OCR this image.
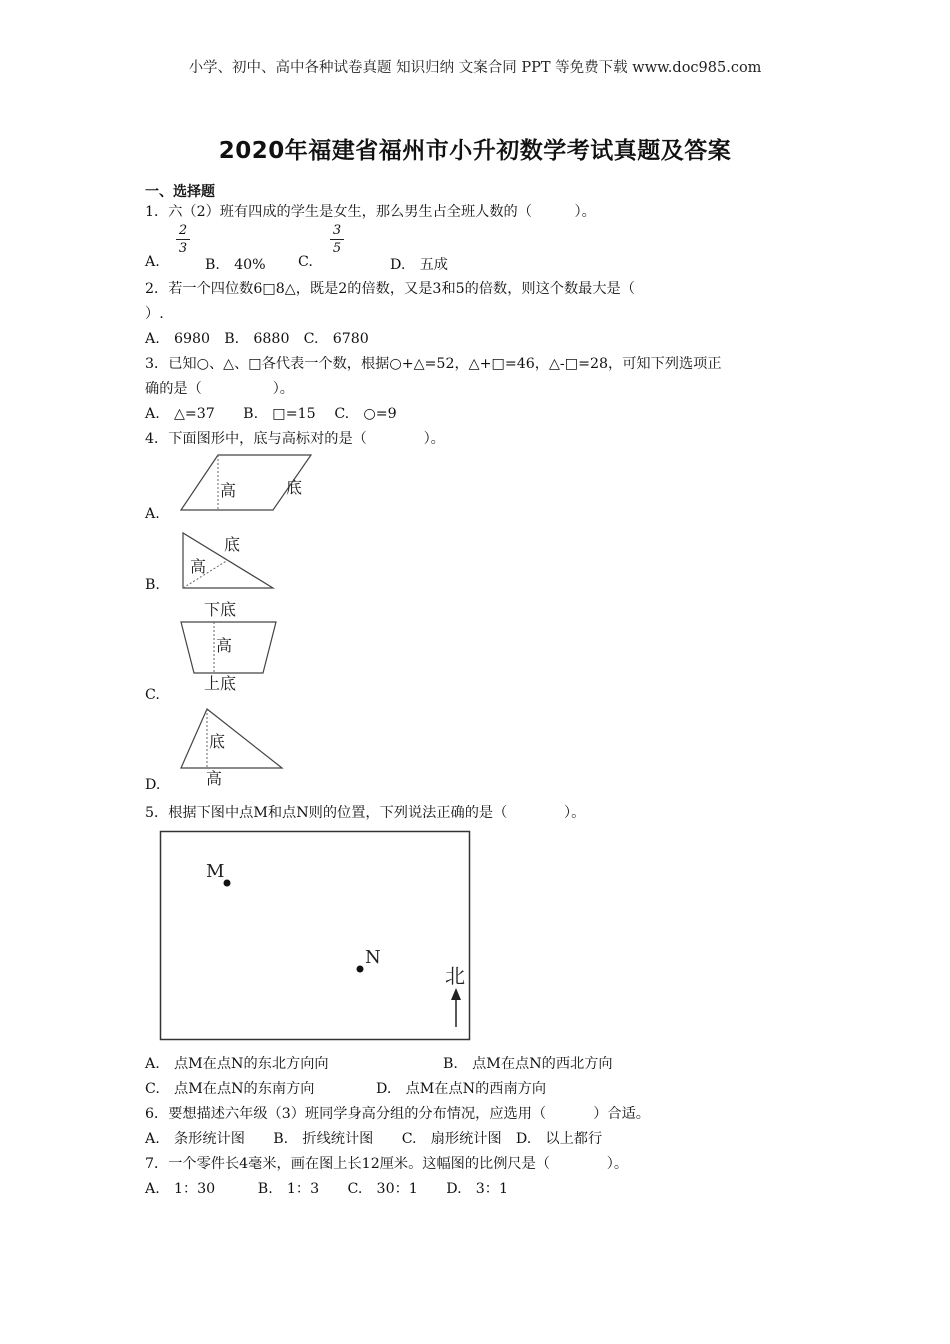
小学、初中、高中各种试卷真题 知识归纳 文案合同 PPT 等免费下载 www.doc985.com
2020年福建省福州市小升初数学考试真题及答案
一、选择题
1．六（2）班有四成的学生是女生，那么男生占全班人数的（　　　）。
A.
2
3
B.　40% C.
3
5
D.　五成
2．若一个四位数6□8△，既是2的倍数，又是3和5的倍数，则这个数最大是（
）.
A.　6980　B.　6880　C.　6780
3．已知○、△、□各代表一个数，根据○+△=52，△+□=46，△-□=28，可知下列选项正
确的是（　　　　　）。
A.　△=37　　B.　□=15　 C.　○=9
4．下面图形中，底与高标对的是（　　　　）。
A.
高	底
B.
底
高
C.
下底
高
上底
D.
底
高
5．根据下图中点M和点N则的位置，下列说法正确的是（　　　　）。
M
N
北
A.　点M在点N的东北方向向	B.　点M在点N的西北方向
C.　点M在点N的东南方向	D.　点M在点N的西南方向
6．要想描述六年级（3）班同学身高分组的分布情况，应选用（　　　 ）合适。
A.　条形统计图　　B.　折线统计图　　C.　扇形统计图　D.　以上都行
7．一个零件长4毫米，画在图上长12厘米。这幅图的比例尺是（　　　　）。
A.　1：30　　　B.　1：3　　C.　30：1　　D.　3：1
